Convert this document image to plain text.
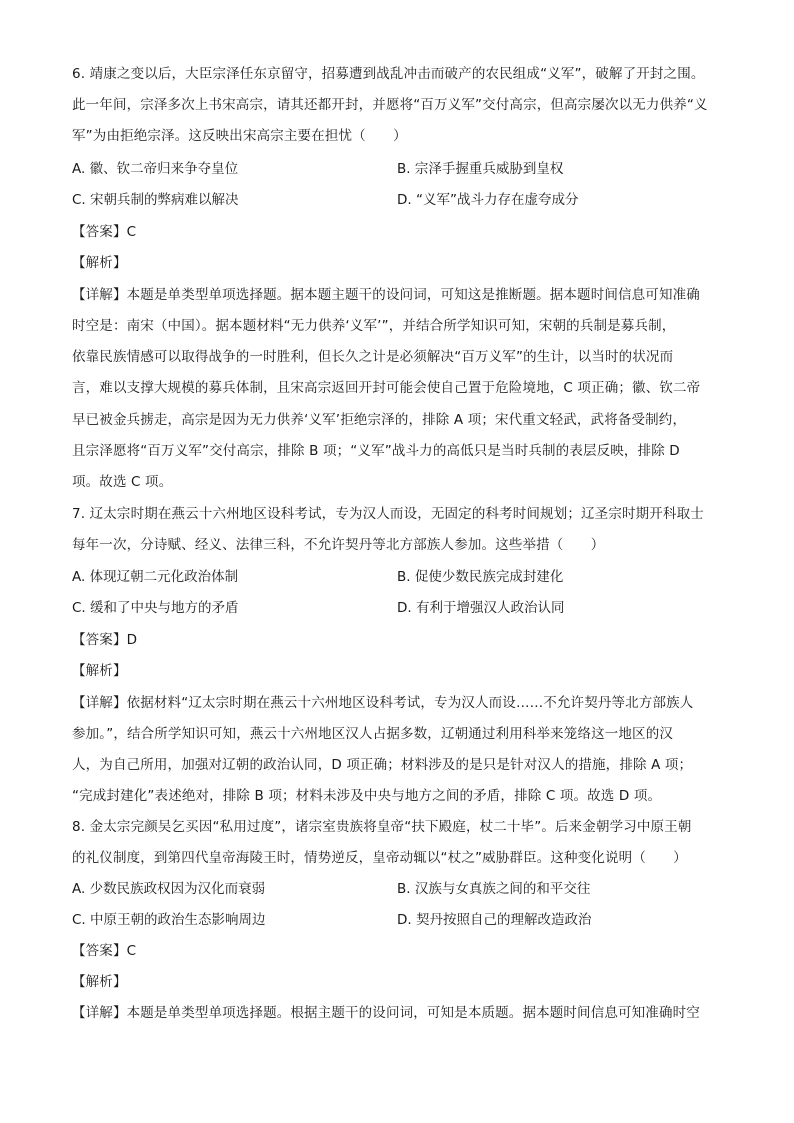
6. 靖康之变以后，大臣宗泽任东京留守，招募遭到战乱冲击而破产的农民组成“义军”，破解了开封之围。
此一年间，宗泽多次上书宋高宗，请其还都开封，并愿将“百万义军”交付高宗，但高宗屡次以无力供养“义
军”为由拒绝宗泽。这反映出宋高宗主要在担忧（　　）
A. 徽、钦二帝归来争夺皇位	B. 宗泽手握重兵威胁到皇权
C. 宋朝兵制的弊病难以解决	D. “义军”战斗力存在虚夸成分
【答案】C
【解析】
【详解】本题是单类型单项选择题。据本题主题干的设问词，可知这是推断题。据本题时间信息可知准确
时空是：南宋（中国）。据本题材料“无力供养‘义军’”，并结合所学知识可知，宋朝的兵制是募兵制，
依靠民族情感可以取得战争的一时胜利，但长久之计是必须解决“百万义军”的生计，以当时的状况而
言，难以支撑大规模的募兵体制，且宋高宗返回开封可能会使自己置于危险境地，C 项正确；徽、钦二帝
早已被金兵掳走，高宗是因为无力供养‘义军’拒绝宗泽的，排除 A 项；宋代重文轻武，武将备受制约，
且宗泽愿将“百万义军”交付高宗，排除 B 项；“义军”战斗力的高低只是当时兵制的表层反映，排除 D
项。故选 C 项。
7. 辽太宗时期在燕云十六州地区设科考试，专为汉人而设，无固定的科考时间规划；辽圣宗时期开科取士
每年一次，分诗赋、经义、法律三科，不允许契丹等北方部族人参加。这些举措（　　）
A. 体现辽朝二元化政治体制	B. 促使少数民族完成封建化
C. 缓和了中央与地方的矛盾	D. 有利于增强汉人政治认同
【答案】D
【解析】
【详解】依据材料“辽太宗时期在燕云十六州地区设科考试，专为汉人而设……不允许契丹等北方部族人
参加。”，结合所学知识可知，燕云十六州地区汉人占据多数，辽朝通过利用科举来笼络这一地区的汉
人，为自己所用，加强对辽朝的政治认同，D 项正确；材料涉及的是只是针对汉人的措施，排除 A 项；
“完成封建化”表述绝对，排除 B 项；材料未涉及中央与地方之间的矛盾，排除 C 项。故选 D 项。
8. 金太宗完颜吴乞买因“私用过度”，诸宗室贵族将皇帝“扶下殿庭，杖二十毕”。后来金朝学习中原王朝
的礼仪制度，到第四代皇帝海陵王时，情势逆反，皇帝动辄以“杖之”威胁群臣。这种变化说明（　　）
A. 少数民族政权因为汉化而衰弱	B. 汉族与女真族之间的和平交往
C. 中原王朝的政治生态影响周边	D. 契丹按照自己的理解改造政治
【答案】C
【解析】
【详解】本题是单类型单项选择题。根据主题干的设问词，可知是本质题。据本题时间信息可知准确时空
